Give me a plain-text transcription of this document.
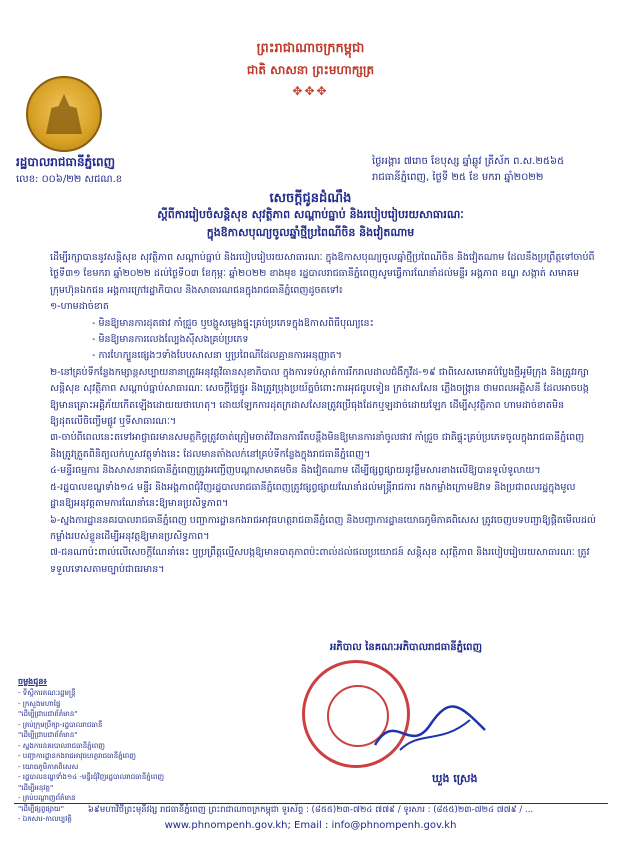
ព្រះរាជាណាចក្រកម្ពុជា
ជាតិ សាសនា ព្រះមហាក្សត្រ
✥✥✥
រដ្ឋបាលរាជធានីភ្នំពេញ
លេខ: ០០៦/២២ សជណ.ខ
ថ្ងៃអង្គារ ៧រោច ខែបុស្ស ឆ្នាំឆ្លូវ ត្រីស័ក ព.ស.២៥៦៥
រាជធានីភ្នំពេញ, ថ្ងៃទី ២៥ ខែ មករា ឆ្នាំ២០២២
សេចក្ដីជូនដំណឹង
ស្ដីពីការរៀបចំសន្តិសុខ សុវត្ថិភាព សណ្ដាប់ធ្នាប់ និងរបៀបរៀបរយសាធារណៈ
ក្នុងឱកាសបុណ្យចូលឆ្នាំថ្មីប្រពៃណីចិន និងវៀតណាម

ដើម្បីរក្សាបាននូវសន្តិសុខ សុវត្ថិភាព សណ្ដាប់ធ្នាប់ និងរបៀបរៀបរយសាធារណៈ ក្នុងឱកាសបុណ្យចូលឆ្នាំថ្មីប្រពៃណីចិន និងវៀតណាម ដែលនឹងប្រព្រឹត្តទៅចាប់ពីថ្ងៃទី៣១ ខែមករា ឆ្នាំ២០២២ ដល់ថ្ងៃទី០៣ ខែកុម្ភៈ ឆ្នាំ២០២២ ខាងមុខ រដ្ឋបាលរាជធានីភ្នំពេញសូមធ្វើការណែនាំដល់មន្ទីរ អង្គភាព ខណ្ឌ សង្កាត់ សមាគម ក្រុមហ៊ុនឯកជន អង្គការក្រៅរដ្ឋាភិបាល និងសាធារណជនក្នុងរាជធានីភ្នំពេញដូចតទៅ៖

១-ហាមដាច់ខាត

- មិនឱ្យមានការដុតផាវ កាំជ្រួច ឬបង្ហូសម្លេងផ្ទុះគ្រប់ប្រភេទក្នុងឱកាសពិធីបុណ្យនេះ

- មិនឱ្យមានការលេងល្បែងស៊ីសងគ្រប់ប្រភេទ

- ការហែក្បួនផ្សេងៗទាំងបែបសាសនា ឬប្រពៃណីដែលគ្មានការអនុញ្ញាត។

២-នៅគ្រប់ទីកន្លែងកម្សាន្តសប្បាយនានាត្រូវអនុវត្តវិធានសុខាភិបាល ក្នុងការទប់ស្កាត់ការរីករាលដាលជំងឺកូវីដ-១៩ ជាពិសេសមោគបំប្លែងថ្មីអូមីក្រុង និងត្រូវរក្សាសន្តិសុខ សុវត្ថិភាព សណ្ដាប់ធ្នាប់សាធារណៈ សេចក្ដីថ្លៃថ្នូរ និងត្រូវប្រុងប្រយ័ត្នចំពោះការអុជធូបទៀន ក្រដាសសែន ភ្លើងចង្ក្រាន ថាមពលអគ្គិសនី ដែលអាចបង្កឱ្យមានគ្រោះអគ្គិភ័យកើតឡើងដោយយថាហេតុ។ ដោយឡែកការដុតក្រដាសសែនត្រូវប្រើធុងដែកឬឡដាច់ដោយឡែក ដើម្បីសុវត្ថិភាព ហាមដាច់ខាតមិនឱ្យដុតលើចិញ្ចើមផ្លូវ ឬទីសាធារណៈ។

៣-ចាប់ពីពេលនេះតទៅអាជ្ញាធរមានសមត្ថកិច្ចត្រូវចាត់ត្រៀមចាត់វិធានការរឹតបន្តឹងមិនឱ្យមានការនាំចូលផាវ កាំជ្រួច ជាតិផ្ទុះគ្រប់ប្រភេទចូលក្នុងរាជធានីភ្នំពេញ និងត្រូវត្រួតពិនិត្យលក់ហួសវត្ថុទាំងនេះ ដែលមានតាំងលក់នៅគ្រប់ទីកន្លែងក្នុងរាជធានីភ្នំពេញ។

៤-មន្ទីរធម្មការ និងសាសនារាជធានីភ្នំពេញត្រូវអញ្ជើញបណ្ដាសមាគមចិន និងវៀតណាម ដើម្បីផ្សព្វផ្សាយនូវខ្លឹមសារខាងលើឱ្យបានទូលំទូលាយ។

៥-រដ្ឋបាលខណ្ឌទាំង១៤ មន្ទីរ និងអង្គភាពជុំវិញរដ្ឋបាលរាជធានីភ្នំពេញត្រូវផ្សព្វផ្សាយណែនាំដល់មន្ត្រីរាជការ កងកម្លាំងក្រោមឱវាទ និងប្រជាពលរដ្ឋក្នុងមូលដ្ឋានឱ្យអនុវត្តតាមការណែនាំនេះឱ្យមានប្រសិទ្ធភាព។

៦-ស្នងការដ្ឋាននគរបាលរាជធានីភ្នំពេញ បញ្ជាការដ្ឋានកងរាជអាវុធហត្ថរាជធានីភ្នំពេញ និងបញ្ជាការដ្ឋានយោធភូមិភាគពិសេស ត្រូវចេញបទបញ្ជាឱ្យផ្ដិតមើលដល់កម្លាំងរបស់ខ្លួនដើម្បីអនុវត្តឱ្យមានប្រសិទ្ធភាព។

៧-ជនណាប៉ះពាល់លើសេចក្ដីណែនាំនេះ ឬប្រព្រឹត្តល្មើសបង្កឱ្យមានបាតុភាពប៉ះពាល់ដល់ផលប្រយោជន៍ សន្តិសុខ សុវត្ថិភាព និងរបៀបរៀបរយសាធារណៈ ត្រូវទទួលទោសតាមច្បាប់ជាធរមាន។

អភិបាល នៃគណៈអភិបាលរាជធានីភ្នំពេញ
ឃួង ស្រេង
ចម្លងជូន៖
- ទីស្ដីការគណៈរដ្ឋមន្ត្រី
- ក្រសួងមហាផ្ទៃ
"ដើម្បីជ្រាបជាព័ត៌មាន"
- គ្រប់ក្រុមប្រឹក្សា-រដ្ឋបាលរាជធានី
"ដើម្បីជ្រាបជាព័ត៌មាន"
- ស្នងការនគរបាលរាជធានីភ្នំពេញ
- បញ្ជាការដ្ឋានកងរាជអាវុធហត្ថរាជធានីភ្នំពេញ
- យោធភូមិភាគពិសេស
- រដ្ឋបាលខណ្ឌទាំង១៤ -មន្ទីរជុំវិញរដ្ឋបាលរាជធានីភ្នំពេញ
"ដើម្បីអនុវត្ត"
- គ្រប់បណ្ដាញព័ត៌មាន
"ដើម្បីផ្សព្វផ្សាយ"
- ឯកសារ-កាលប្បវត្តិ
៦៩មហាវិថីព្រះមុនីវង្ស រាជធានីភ្នំពេញ ព្រះរាជាណាចក្រកម្ពុជា ទូរស័ព្ទ : (៨៥៥)២៣-៧២៤ ៧៧៩ / ទូរសារ : (៨៥៥)២៣-៧២៤ ៧៧៩ / ...
www.phnompenh.gov.kh; Email : info@phnompenh.gov.kh
